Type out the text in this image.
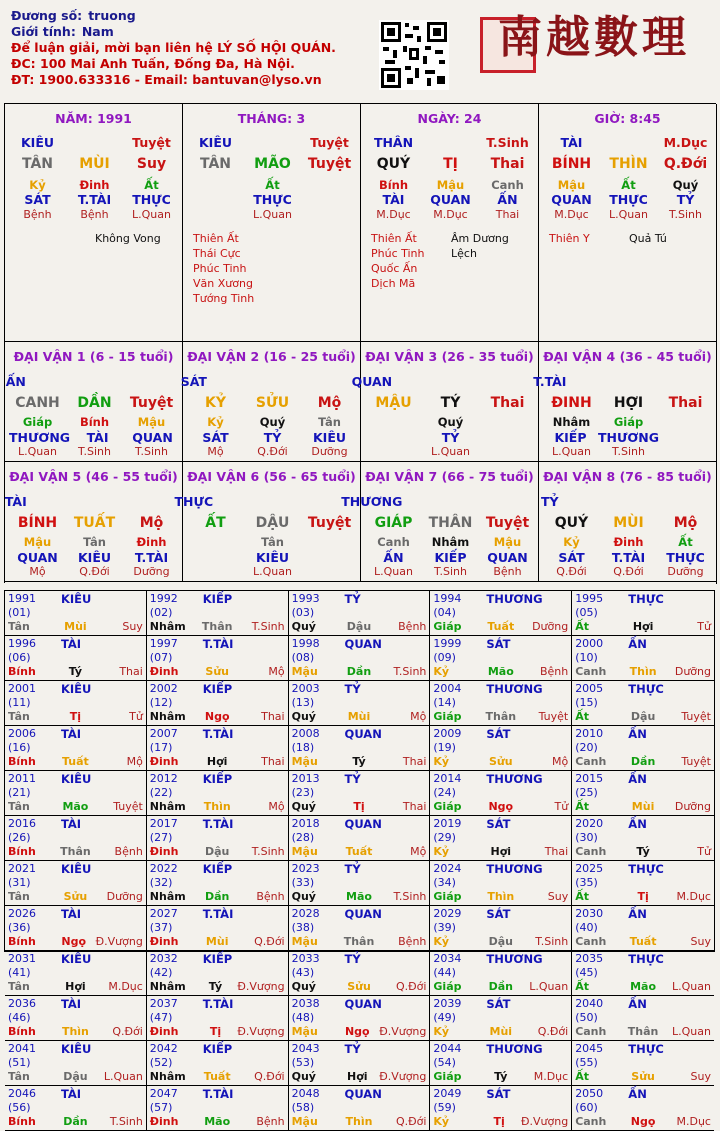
Đương số: truong
Giới tính: Nam
Để luận giải, mời bạn liên hệ LÝ SỐ HỘI QUÁN.
ĐC: 100 Mai Anh Tuấn, Đống Đa, Hà Nội.
ĐT: 1900.633316 - Email: bantuvan@lyso.vn
南越數理
NĂM: 1991
KIÊU	Tuyệt
TÂN	MÙI	Suy
Kỷ	Đinh	Ất
SÁT	T.TÀI	THỰC
Bệnh	Bệnh	L.Quan
Không Vong
THÁNG: 3
KIÊU	Tuyệt
TÂN	MÃO	Tuyệt
Ất
THỰC
L.Quan
Thiên Ất
Thái Cực
Phúc Tinh
Văn Xương
Tướng Tinh
NGÀY: 24
THÂN	T.Sinh
QUÝ	TỊ	Thai
Bính	Mậu	Canh
TÀI	QUAN	ẤN
M.Dục	M.Dục	Thai
Âm Dương Lệch
Thiên Ất
Phúc Tinh
Quốc Ấn
Dịch Mã
GIỜ: 8:45
TÀI	M.Dục
BÍNH	THÌN	Q.Đới
Mậu	Ất	Quý
QUAN	THỰC	TỶ
M.Dục	L.Quan	T.Sinh
Quả Tú
Thiên Y
ĐẠI VẬN 1 (6 - 15 tuổi)
ẤN
CANH	DẦN	Tuyệt
Giáp	Bính	Mậu
THƯƠNG	TÀI	QUAN
L.Quan	T.Sinh	T.Sinh
ĐẠI VẬN 2 (16 - 25 tuổi)
SÁT
KỶ	SỬU	Mộ
Kỷ	Quý	Tân
SÁT	TỶ	KIÊU
Mộ	Q.Đới	Dưỡng
ĐẠI VẬN 3 (26 - 35 tuổi)
QUAN
MẬU	TÝ	Thai
Quý
TỶ
L.Quan
ĐẠI VẬN 4 (36 - 45 tuổi)
T.TÀI
ĐINH	HỢI	Thai
Nhâm	Giáp
KIẾP THƯƠNG
L.Quan	T.Sinh
ĐẠI VẬN 5 (46 - 55 tuổi)
TÀI
BÍNH	TUẤT	Mộ
Mậu	Tân	Đinh
QUAN	KIÊU	T.TÀI
Mộ	Q.Đới	Dưỡng
ĐẠI VẬN 6 (56 - 65 tuổi)
THỰC
ẤT	DẬU	Tuyệt
Tân
KIÊU
L.Quan
ĐẠI VẬN 7 (66 - 75 tuổi)
THƯƠNG
GIÁP	THÂN Tuyệt
Canh	Nhâm	Mậu
ẤN	KIẾP	QUAN
L.Quan	T.Sinh	Bệnh
ĐẠI VẬN 8 (76 - 85 tuổi)
TỶ
QUÝ	MÙI	Mộ
Kỷ	Đinh	Ất
SÁT	T.TÀI	THỰC
Q.Đới	Q.Đới	Dưỡng
1991 (01)
KIÊU
Tân	Mùi	Suy
1992 (02)
KIẾP
Nhâm	Thân	T.Sinh
1993 (03)
TỶ
Quý	Dậu	Bệnh
1994 (04)
THƯƠNG
Giáp	Tuất	Dưỡng
1995 (05)
THỰC
Ất	Hợi	Tử
1996 (06)
TÀI
Bính	Tý	Thai
1997 (07)
T.TÀI
Đinh	Sửu	Mộ
1998 (08)
QUAN
Mậu	Dần	T.Sinh
1999 (09)
SÁT
Kỷ	Mão	Bệnh
2000 (10)
ẤN
Canh	Thìn	Dưỡng
2001 (11)
KIÊU
Tân	Tị	Tử
2002 (12)
KIẾP
Nhâm	Ngọ	Thai
2003 (13)
TỶ
Quý	Mùi	Mộ
2004 (14)
THƯƠNG
Giáp	Thân	Tuyệt
2005 (15)
THỰC
Ất	Dậu	Tuyệt
2006 (16)
TÀI
Bính	Tuất	Mộ
2007 (17)
T.TÀI
Đinh	Hợi	Thai
2008 (18)
QUAN
Mậu	Tý	Thai
2009 (19)
SÁT
Kỷ	Sửu	Mộ
2010 (20)
ẤN
Canh	Dần	Tuyệt
2011 (21)
KIÊU
Tân	Mão	Tuyệt
2012 (22)
KIẾP
Nhâm	Thìn	Mộ
2013 (23)
TỶ
Quý	Tị	Thai
2014 (24)
THƯƠNG
Giáp	Ngọ	Tử
2015 (25)
ẤN
Ất	Mùi	Dưỡng
2016 (26)
TÀI
Bính	Thân	Bệnh
2017 (27)
T.TÀI
Đinh	Dậu	T.Sinh
2018 (28)
QUAN
Mậu	Tuất	Mộ
2019 (29)
SÁT
Kỷ	Hợi	Thai
2020 (30)
ẤN
Canh	Tý	Tử
2021 (31)
KIÊU
Tân	Sửu	Dưỡng
2022 (32)
KIẾP
Nhâm	Dần	Bệnh
2023 (33)
TỶ
Quý	Mão	T.Sinh
2024 (34)
THƯƠNG
Giáp	Thìn	Suy
2025 (35)
THỰC
Ất	Tị	M.Dục
2026 (36)
TÀI
Bính	Ngọ Đ.Vượng
2027 (37)
T.TÀI
Đinh	Mùi	Q.Đới
2028 (38)
QUAN
Mậu	Thân	Bệnh
2029 (39)
SÁT
Kỷ	Dậu	T.Sinh
2030 (40)
ẤN
Canh	Tuất	Suy
2031 (41)
KIÊU
Tân	Hợi	M.Dục
2032 (42)
KIẾP
Nhâm	Tý	Đ.Vượng
2033 (43)
TỶ
Quý	Sửu	Q.Đới
2034 (44)
THƯƠNG
Giáp	Dần	L.Quan
2035 (45)
THỰC
Ất	Mão	L.Quan
2036 (46)
TÀI
Bính	Thìn	Q.Đới
2037 (47)
T.TÀI
Đinh	Tị	Đ.Vượng
2038 (48)
QUAN
Mậu	Ngọ Đ.Vượng
2039 (49)
SÁT
Kỷ	Mùi	Q.Đới
2040 (50)
ẤN
Canh	Thân	L.Quan
2041 (51)
KIÊU
Tân	Dậu	L.Quan
2042 (52)
KIẾP
Nhâm	Tuất	Q.Đới
2043 (53)
TỶ
Quý	Hợi	Đ.Vượng
2044 (54)
THƯƠNG
Giáp	Tý	M.Dục
2045 (55)
THỰC
Ất	Sửu	Suy
2046 (56)
TÀI
Bính	Dần	T.Sinh
2047 (57)
T.TÀI
Đinh	Mão	Bệnh
2048 (58)
QUAN
Mậu	Thìn	Q.Đới
2049 (59)
SÁT
Kỷ	Tị	Đ.Vượng
2050 (60)
ẤN
Canh	Ngọ	M.Dục
